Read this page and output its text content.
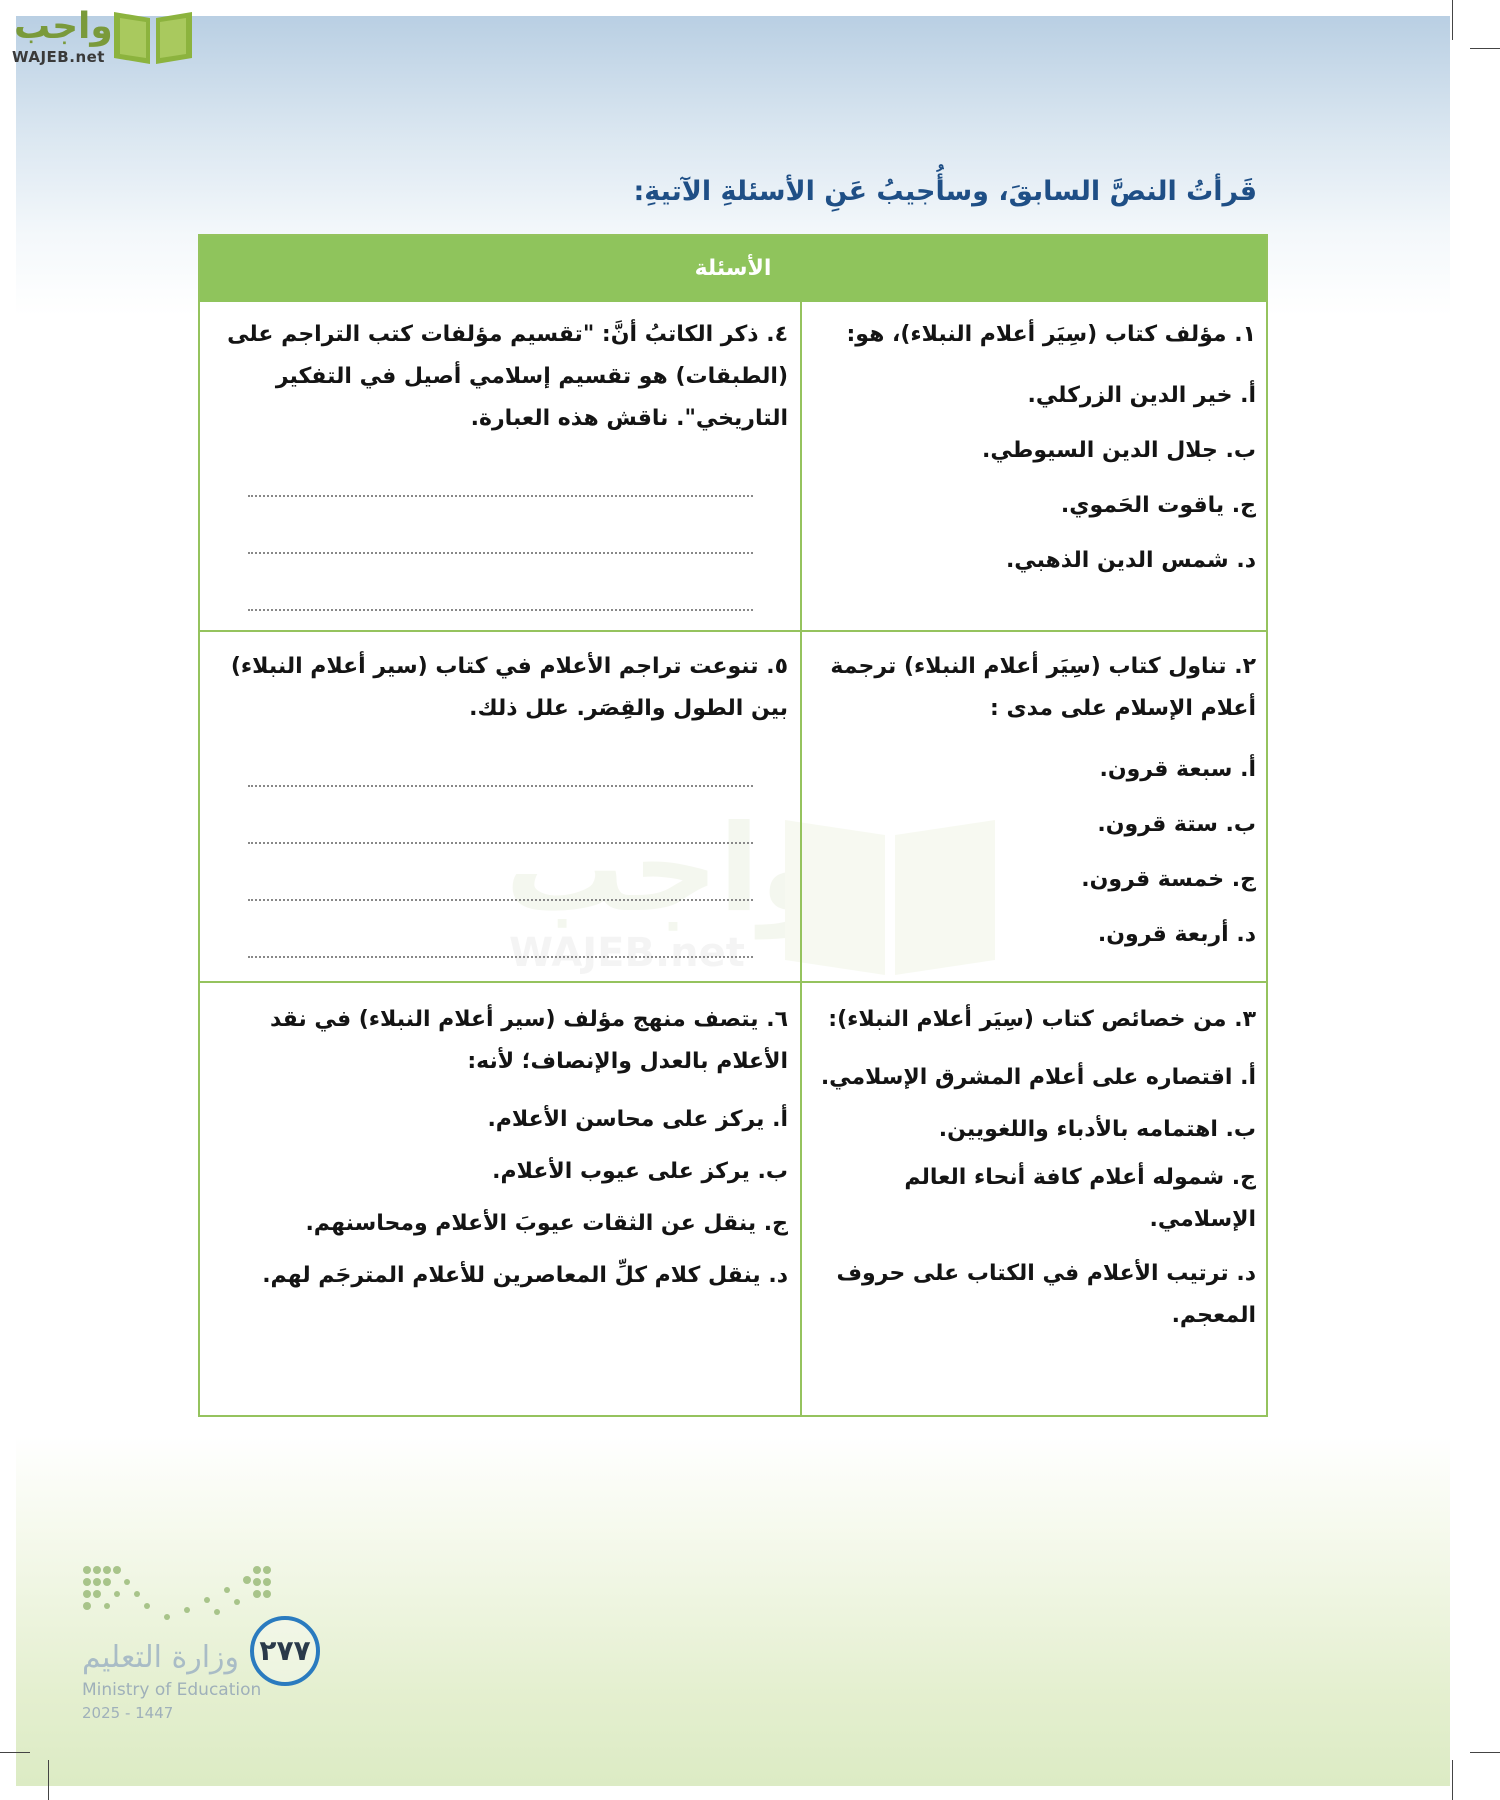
واجب
WAJEB.net
قَرأتُ النصَّ السابقَ، وسأُجيبُ عَنِ الأسئلةِ الآتيةِ:
الأسئلة
١. مؤلف كتاب (سِيَر أعلام النبلاء)، هو:
أ. خير الدين الزركلي.
ب. جلال الدين السيوطي.
ج. ياقوت الحَموي.
د. شمس الدين الذهبي.
٤. ذكر الكاتبُ أنَّ: "تقسيم مؤلفات كتب التراجم على (الطبقات) هو تقسيم إسلامي أصيل في التفكير التاريخي". ناقش هذه العبارة.
٢. تناول كتاب (سِيَر أعلام النبلاء) ترجمة أعلام الإسلام على مدى :
أ. سبعة قرون.
ب. ستة قرون.
ج. خمسة قرون.
د. أربعة قرون.
٥. تنوعت تراجم الأعلام في كتاب (سير أعلام النبلاء) بين الطول والقِصَر. علل ذلك.
٣. من خصائص كتاب (سِيَر أعلام النبلاء):
أ. اقتصاره على أعلام المشرق الإسلامي.
ب. اهتمامه بالأدباء واللغويين.
ج. شموله أعلام كافة أنحاء العالم الإسلامي.
د. ترتيب الأعلام في الكتاب على حروف المعجم.
٦. يتصف منهج مؤلف (سير أعلام النبلاء) في نقد الأعلام بالعدل والإنصاف؛ لأنه:
أ. يركز على محاسن الأعلام.
ب. يركز على عيوب الأعلام.
ج. ينقل عن الثقات عيوبَ الأعلام ومحاسنهم.
د. ينقل كلام كلِّ المعاصرين للأعلام المترجَم لهم.
وزارة التعليم
Ministry of Education
2025 - 1447
٢٧٧
